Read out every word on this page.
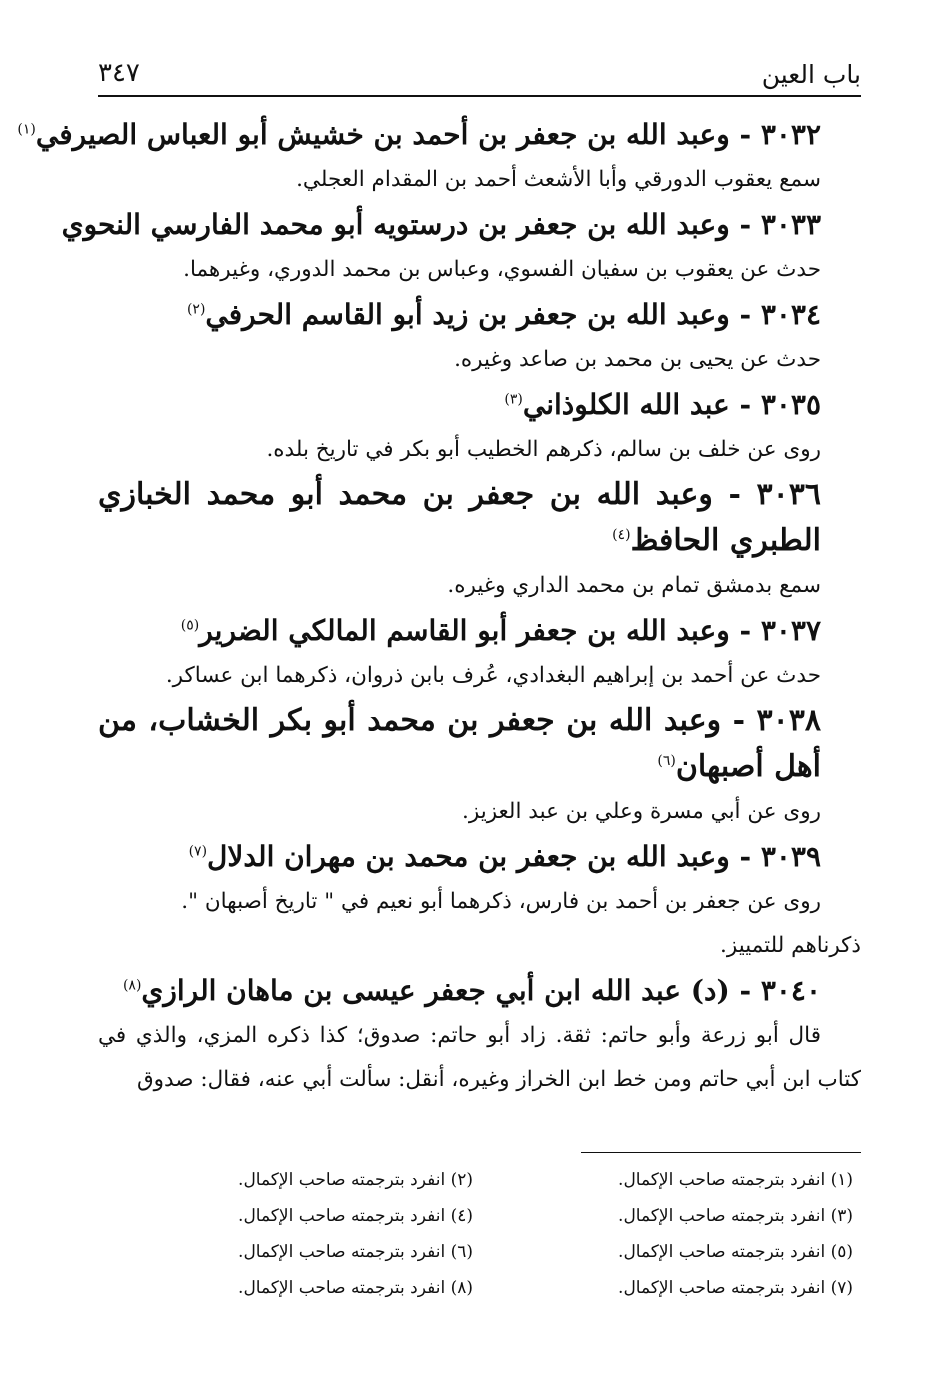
باب العين
٣٤٧

٣٠٣٢ - وعبد الله بن جعفر بن أحمد بن خشيش أبو العباس الصيرفي$^{(١)}$

سمع يعقوب الدورقي وأبا الأشعث أحمد بن المقدام العجلي.

٣٠٣٣ - وعبد الله بن جعفر بن درستويه أبو محمد الفارسي النحوي

حدث عن يعقوب بن سفيان الفسوي، وعباس بن محمد الدوري، وغيرهما.

٣٠٣٤ - وعبد الله بن جعفر بن زيد أبو القاسم الحرفي$^{(٢)}$

حدث عن يحيى بن محمد بن صاعد وغيره.

٣٠٣٥ - عبد الله الكلوذاني$^{(٣)}$

روى عن خلف بن سالم، ذكرهم الخطيب أبو بكر في تاريخ بلده.

٣٠٣٦ - وعبد الله بن جعفر بن محمد أبو محمد الخبازي الطبري الحافظ$^{(٤)}$

سمع بدمشق تمام بن محمد الداري وغيره.

٣٠٣٧ - وعبد الله بن جعفر أبو القاسم المالكي الضرير$^{(٥)}$

حدث عن أحمد بن إبراهيم البغدادي، عُرف بابن ذروان، ذكرهما ابن عساكر.

٣٠٣٨ - وعبد الله بن جعفر بن محمد أبو بكر الخشاب، من أهل أصبهان$^{(٦)}$

روى عن أبي مسرة وعلي بن عبد العزيز.

٣٠٣٩ - وعبد الله بن جعفر بن محمد بن مهران الدلال$^{(٧)}$

روى عن جعفر بن أحمد بن فارس، ذكرهما أبو نعيم في " تاريخ أصبهان ".

ذكرناهم للتمييز.

٣٠٤٠ - (د) عبد الله ابن أبي جعفر عيسى بن ماهان الرازي$^{(٨)}$

قال أبو زرعة وأبو حاتم: ثقة. زاد أبو حاتم: صدوق؛ كذا ذكره المزي، والذي في كتاب ابن أبي حاتم ومن خط ابن الخراز وغيره، أنقل: سألت أبي عنه، فقال: صدوق

(١) انفرد بترجمته صاحب الإكمال.
(٢) انفرد بترجمته صاحب الإكمال.
(٣) انفرد بترجمته صاحب الإكمال.
(٤) انفرد بترجمته صاحب الإكمال.
(٥) انفرد بترجمته صاحب الإكمال.
(٦) انفرد بترجمته صاحب الإكمال.
(٧) انفرد بترجمته صاحب الإكمال.
(٨) انفرد بترجمته صاحب الإكمال.
